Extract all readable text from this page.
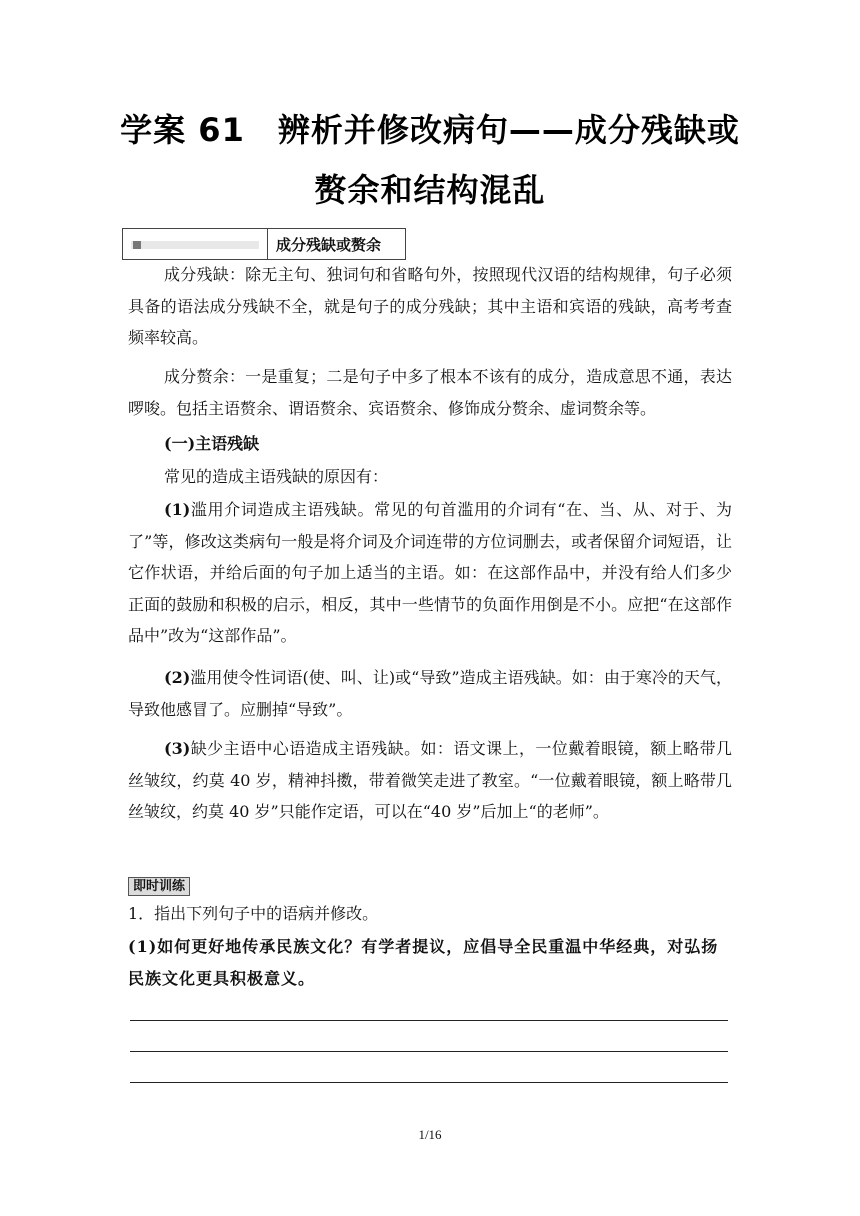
学案 61　辨析并修改病句——成分残缺或
赘余和结构混乱
成分残缺或赘余

成分残缺：除无主句、独词句和省略句外，按照现代汉语的结构规律，句子必须具备的语法成分残缺不全，就是句子的成分残缺；其中主语和宾语的残缺，高考考查频率较高。

成分赘余：一是重复；二是句子中多了根本不该有的成分，造成意思不通，表达啰唆。包括主语赘余、谓语赘余、宾语赘余、修饰成分赘余、虚词赘余等。

(一)主语残缺

常见的造成主语残缺的原因有：

(1)滥用介词造成主语残缺。常见的句首滥用的介词有“在、当、从、对于、为了”等，修改这类病句一般是将介词及介词连带的方位词删去，或者保留介词短语，让它作状语，并给后面的句子加上适当的主语。如：在这部作品中，并没有给人们多少正面的鼓励和积极的启示，相反，其中一些情节的负面作用倒是不小。应把“在这部作品中”改为“这部作品”。

(2)滥用使令性词语(使、叫、让)或“导致”造成主语残缺。如：由于寒冷的天气，导致他感冒了。应删掉“导致”。

(3)缺少主语中心语造成主语残缺。如：语文课上，一位戴着眼镜，额上略带几丝皱纹，约莫 40 岁，精神抖擞，带着微笑走进了教室。“一位戴着眼镜，额上略带几丝皱纹，约莫 40 岁”只能作定语，可以在“40 岁”后加上“的老师”。

即时训练

1．指出下列句子中的语病并修改。

(1)如何更好地传承民族文化？有学者提议，应倡导全民重温中华经典，对弘扬民族文化更具积极意义。

1/16
